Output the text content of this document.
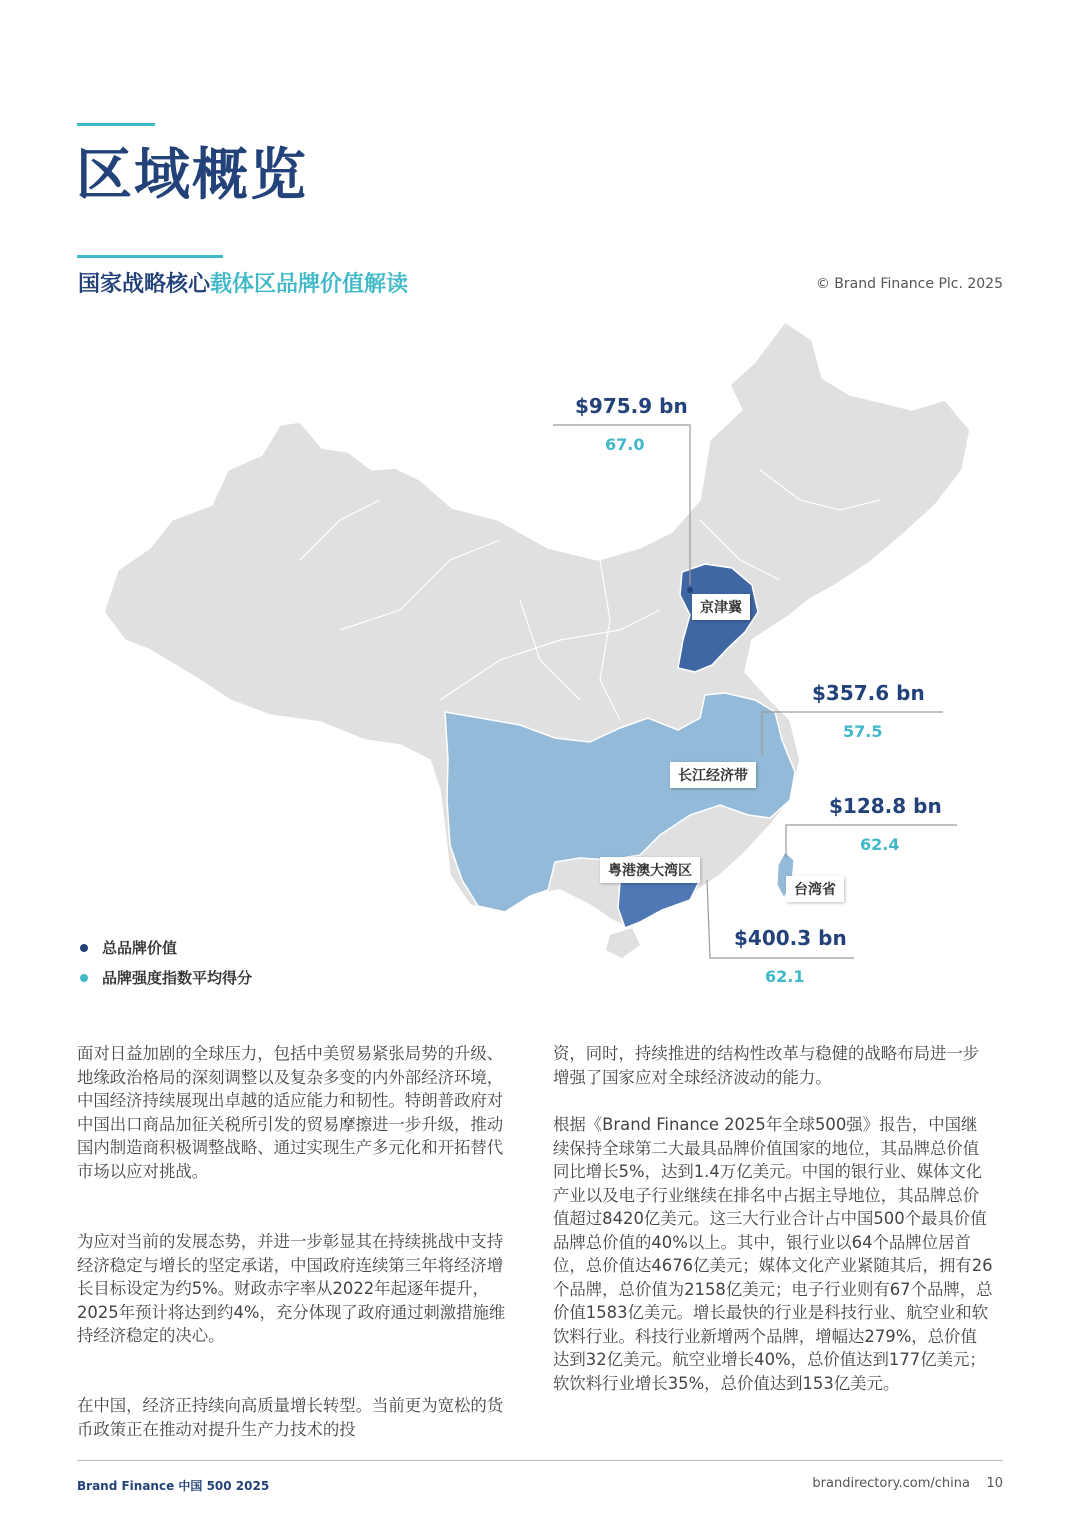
区域概览
国家战略核心载体区品牌价值解读	© Brand Finance Plc. 2025
$975.9 bn
67.0
京津冀
$357.6 bn
57.5
长江经济带
$128.8 bn
62.4
台湾省
粤港澳大湾区
$400.3 bn
62.1
总品牌价值
品牌强度指数平均得分

面对日益加剧的全球压力，包括中美贸易紧张局势的升级、地缘政治格局的深刻调整以及复杂多变的内外部经济环境，中国经济持续展现出卓越的适应能力和韧性。特朗普政府对中国出口商品加征关税所引发的贸易摩擦进一步升级，推动国内制造商积极调整战略、通过实现生产多元化和开拓替代市场以应对挑战。

为应对当前的发展态势，并进一步彰显其在持续挑战中支持经济稳定与增长的坚定承诺，中国政府连续第三年将经济增长目标设定为约5%。财政赤字率从2022年起逐年提升，2025年预计将达到约4%，充分体现了政府通过刺激措施维持经济稳定的决心。

在中国，经济正持续向高质量增长转型。当前更为宽松的货币政策正在推动对提升生产力技术的投

资，同时，持续推进的结构性改革与稳健的战略布局进一步增强了国家应对全球经济波动的能力。

根据《Brand Finance 2025年全球500强》报告，中国继续保持全球第二大最具品牌价值国家的地位，其品牌总价值同比增长5%，达到1.4万亿美元。中国的银行业、媒体文化产业以及电子行业继续在排名中占据主导地位，其品牌总价值超过8420亿美元。这三大行业合计占中国500个最具价值品牌总价值的40%以上。其中，银行业以64个品牌位居首位，总价值达4676亿美元；媒体文化产业紧随其后，拥有26个品牌，总价值为2158亿美元；电子行业则有67个品牌，总价值1583亿美元。增长最快的行业是科技行业、航空业和软饮料行业。科技行业新增两个品牌，增幅达279%，总价值达到32亿美元。航空业增长40%，总价值达到177亿美元；软饮料行业增长35%，总价值达到153亿美元。

Brand Finance 中国 500 2025	brandirectory.com/china 10
